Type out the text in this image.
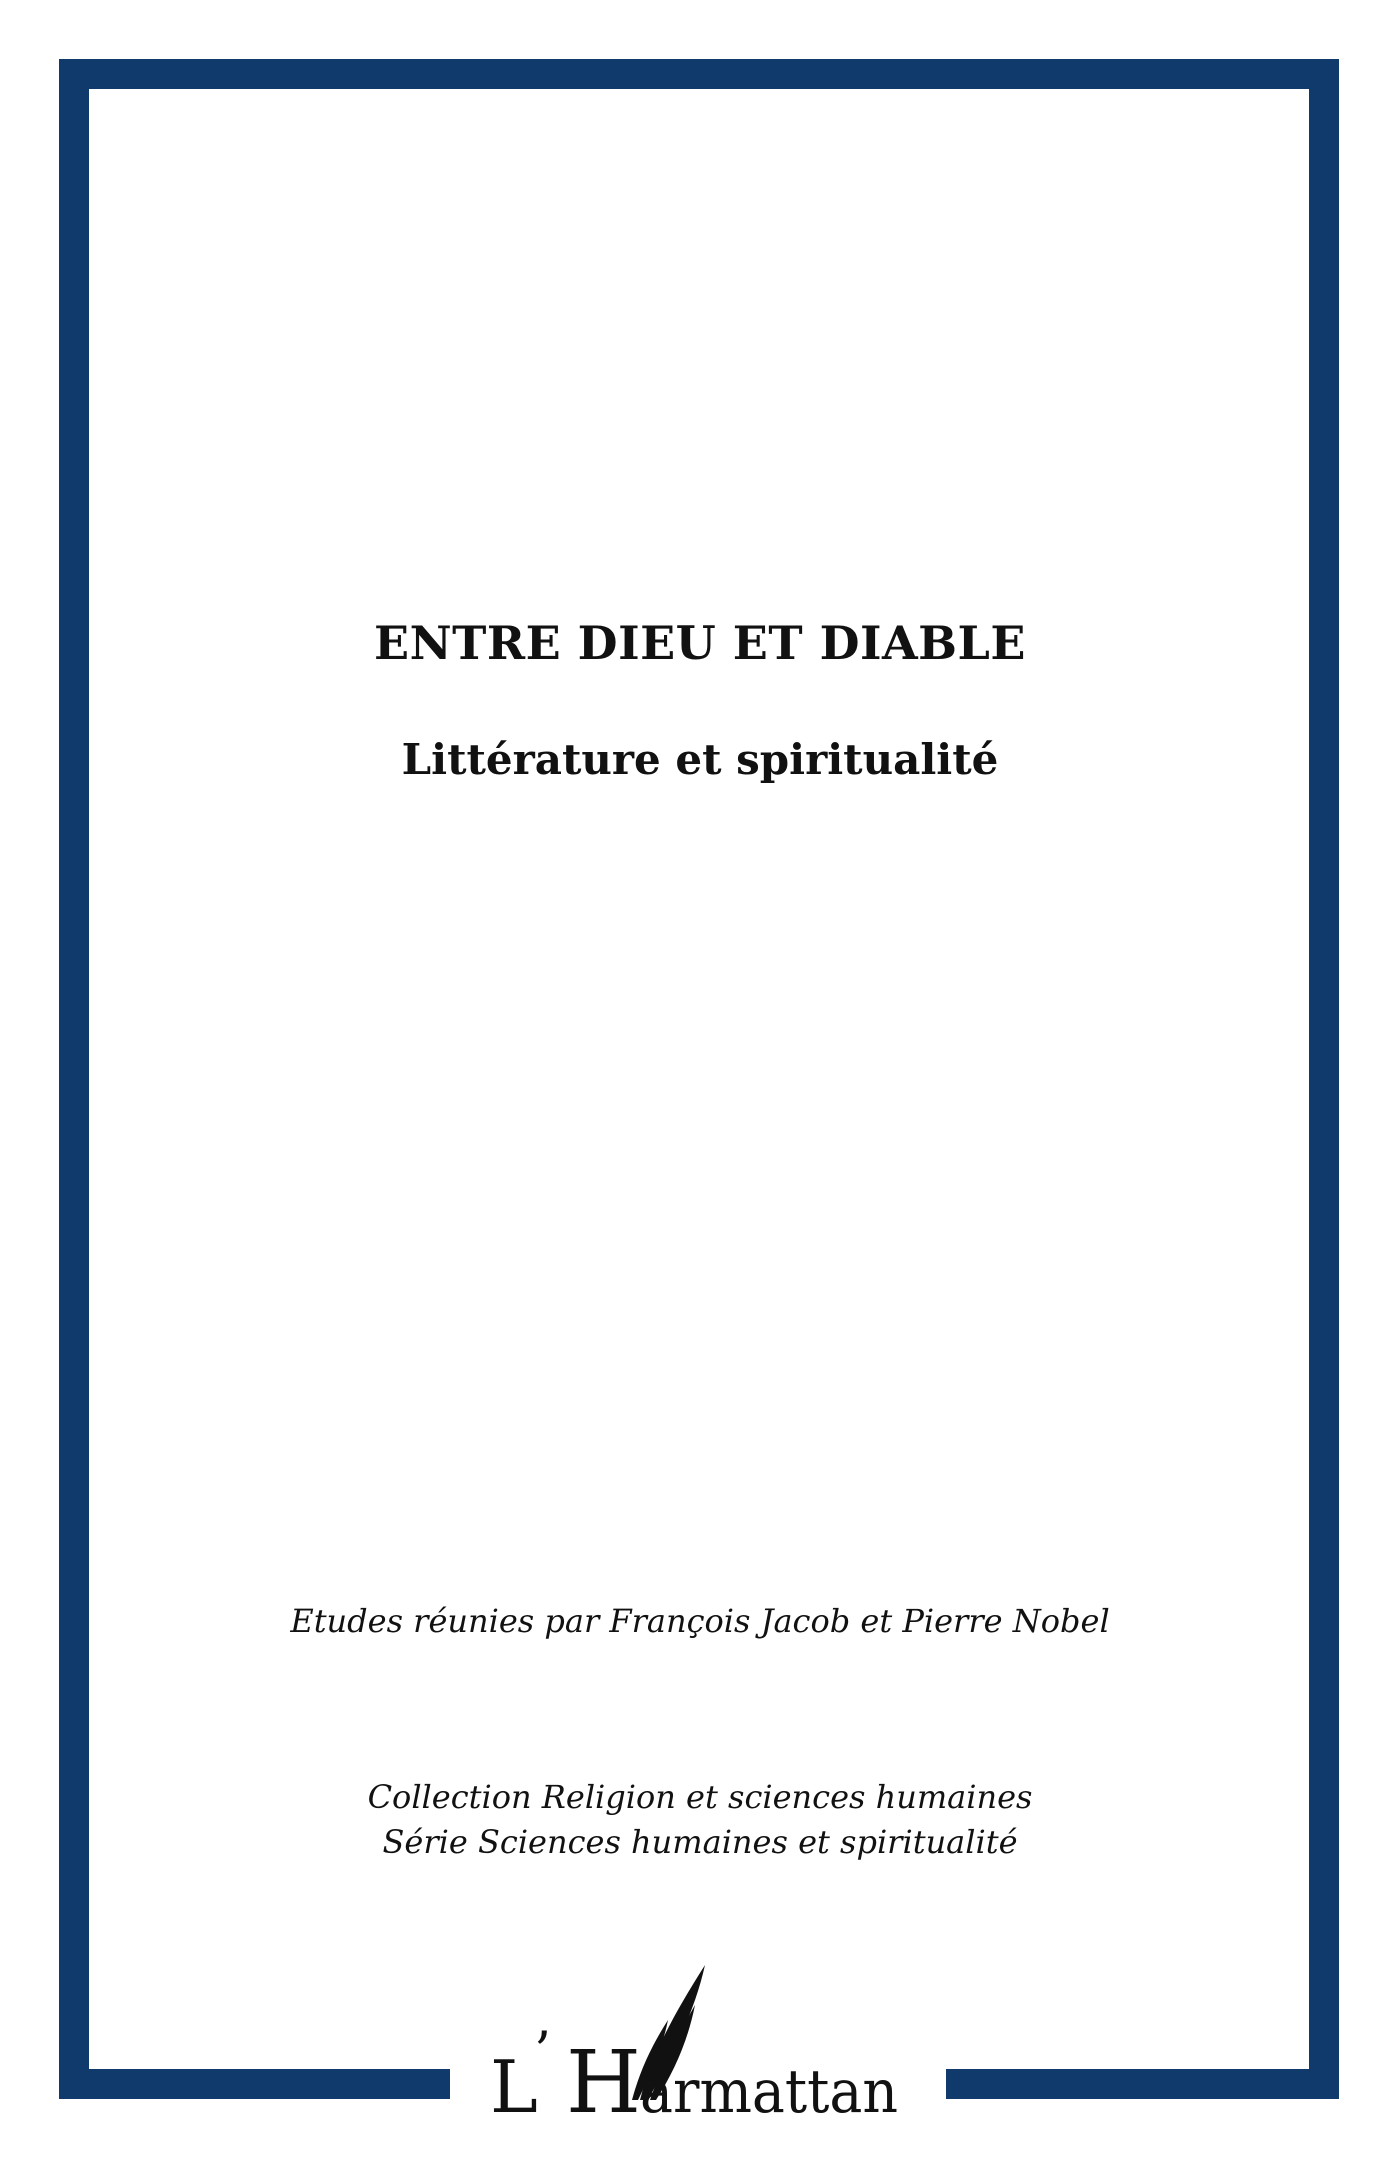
ENTRE DIEU ET DIABLE
Littérature et spiritualité
Etudes réunies par François Jacob et Pierre Nobel
Collection Religion et sciences humaines
Série Sciences humaines et spiritualité
L
’ H armattan
